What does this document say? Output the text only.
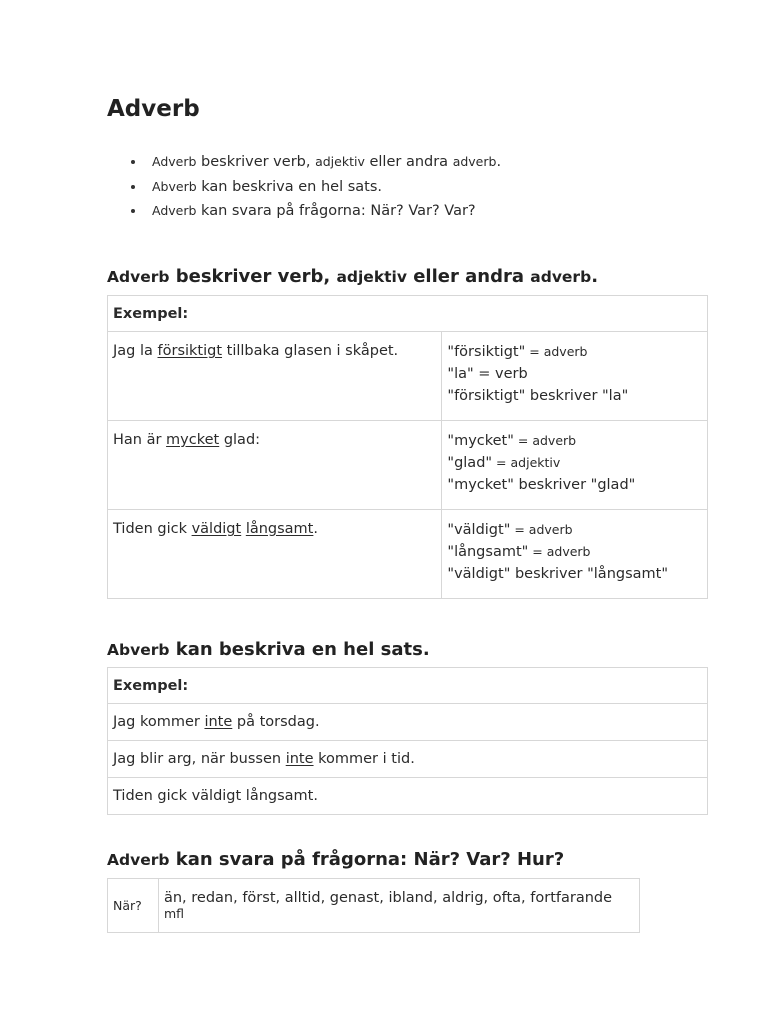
Adverb
Adverb beskriver verb, adjektiv eller andra adverb.
Abverb kan beskriva en hel sats.
Adverb kan svara på frågorna: När? Var? Var?
Adverb beskriver verb, adjektiv eller andra adverb.
Exempel:	
Jag la försiktigt tillbaka glasen i skåpet.	"försiktigt" = adverb
"la" = verb
"försiktigt" beskriver "la"

Han är mycket glad:	"mycket" = adverb
"glad" = adjektiv
"mycket" beskriver "glad"

Tiden gick väldigt långsamt.	"väldigt" = adverb
"långsamt" = adverb
"väldigt" beskriver "långsamt"
Abverb kan beskriva en hel sats.
Exempel:
Jag kommer inte på torsdag.
Jag blir arg, när bussen inte kommer i tid.
Tiden gick väldigt långsamt.
Adverb kan svara på frågorna: När? Var? Hur?
När?	än, redan, först, alltid, genast, ibland, aldrig, ofta, fortfarande mfl
